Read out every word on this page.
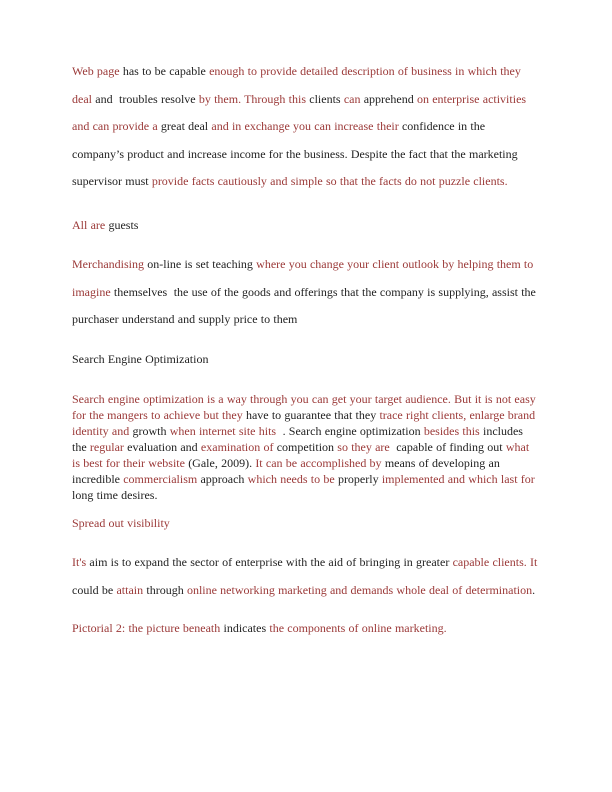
Web page has to be capable enough to provide detailed description of business in which they deal and  troubles resolve by them. Through this clients can apprehend on enterprise activities and can provide a great deal and in exchange you can increase their confidence in the company’s product and increase income for the business. Despite the fact that the marketing supervisor must provide facts cautiously and simple so that the facts do not puzzle clients.

All are guests

Merchandising on-line is set teaching where you change your client outlook by helping them to imagine themselves  the use of the goods and offerings that the company is supplying, assist the purchaser understand and supply price to them

Search Engine Optimization

Search engine optimization is a way through you can get your target audience. But it is not easy for the mangers to achieve but they have to guarantee that they trace right clients, enlarge brand identity and growth when internet site hits  . Search engine optimization besides this includes the regular evaluation and examination of competition so they are  capable of finding out what is best for their website (Gale, 2009). It can be accomplished by means of developing an incredible commercialism approach which needs to be properly implemented and which last for long time desires.

Spread out visibility

It's aim is to expand the sector of enterprise with the aid of bringing in greater capable clients. It could be attain through online networking marketing and demands whole deal of determination.

Pictorial 2: the picture beneath indicates the components of online marketing.
